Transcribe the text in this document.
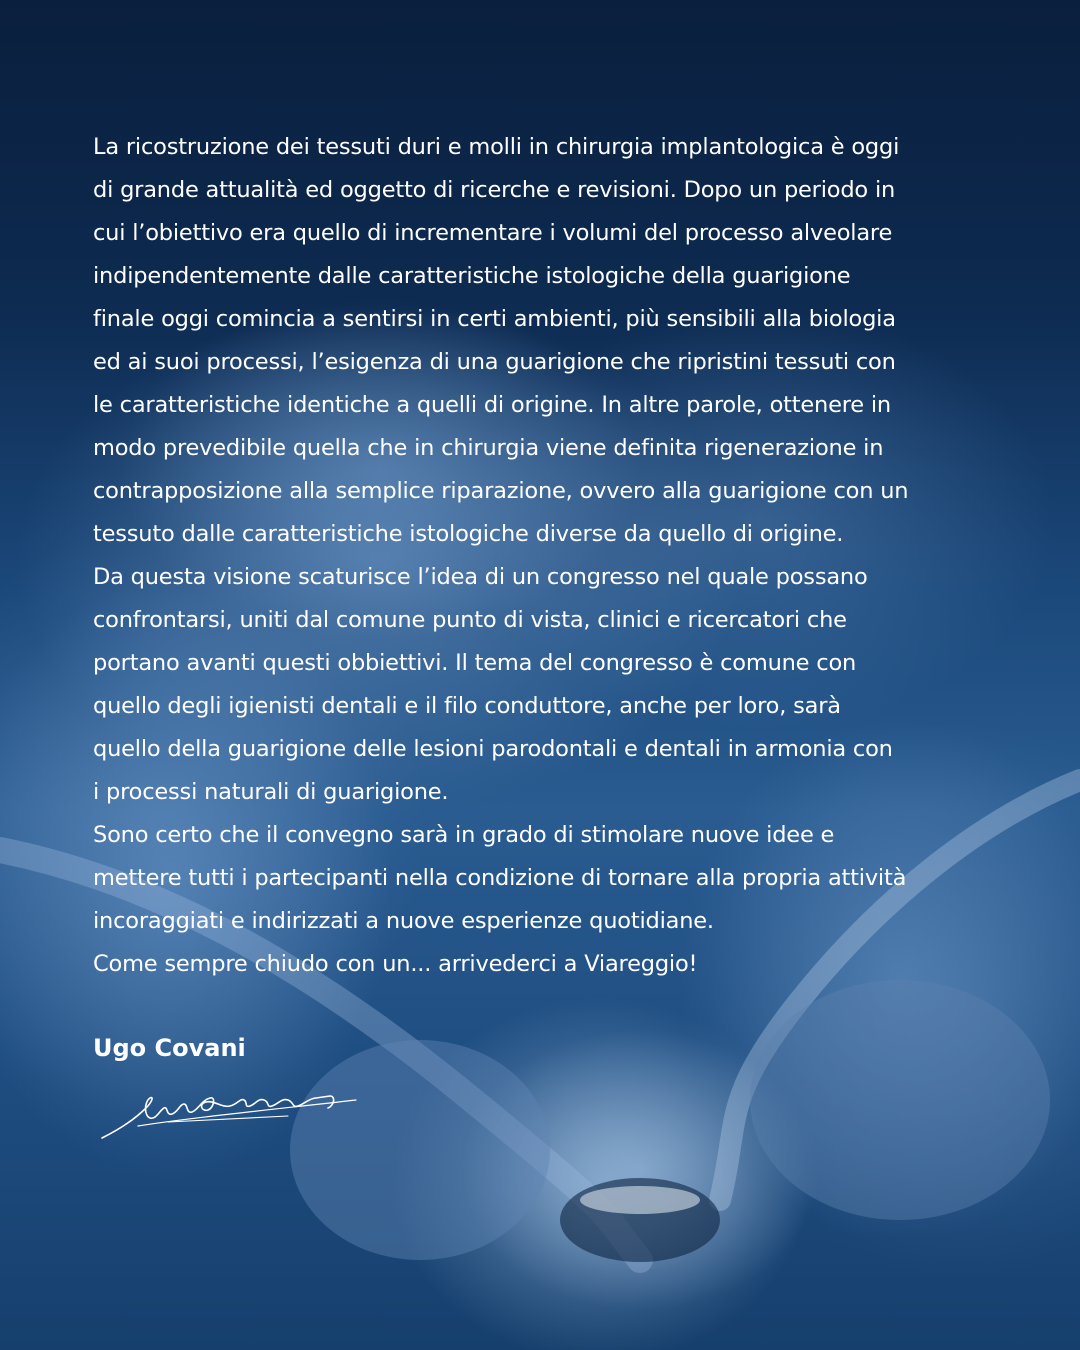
La ricostruzione dei tessuti duri e molli in chirurgia implantologica è oggi
di grande attualità ed oggetto di ricerche e revisioni. Dopo un periodo in
cui l’obiettivo era quello di incrementare i volumi del processo alveolare
indipendentemente dalle caratteristiche istologiche della guarigione
finale oggi comincia a sentirsi in certi ambienti, più sensibili alla biologia
ed ai suoi processi, l’esigenza di una guarigione che ripristini tessuti con
le caratteristiche identiche a quelli di origine. In altre parole, ottenere in
modo prevedibile quella che in chirurgia viene definita rigenerazione in
contrapposizione alla semplice riparazione, ovvero alla guarigione con un
tessuto dalle caratteristiche istologiche diverse da quello di origine.
Da questa visione scaturisce l’idea di un congresso nel quale possano
confrontarsi, uniti dal comune punto di vista, clinici e ricercatori che
portano avanti questi obbiettivi. Il tema del congresso è comune con
quello degli igienisti dentali e il filo conduttore, anche per loro, sarà
quello della guarigione delle lesioni parodontali e dentali in armonia con
i processi naturali di guarigione.
Sono certo che il convegno sarà in grado di stimolare nuove idee e
mettere tutti i partecipanti nella condizione di tornare alla propria attività
incoraggiati e indirizzati a nuove esperienze quotidiane.
Come sempre chiudo con un... arrivederci a Viareggio!
Ugo Covani
